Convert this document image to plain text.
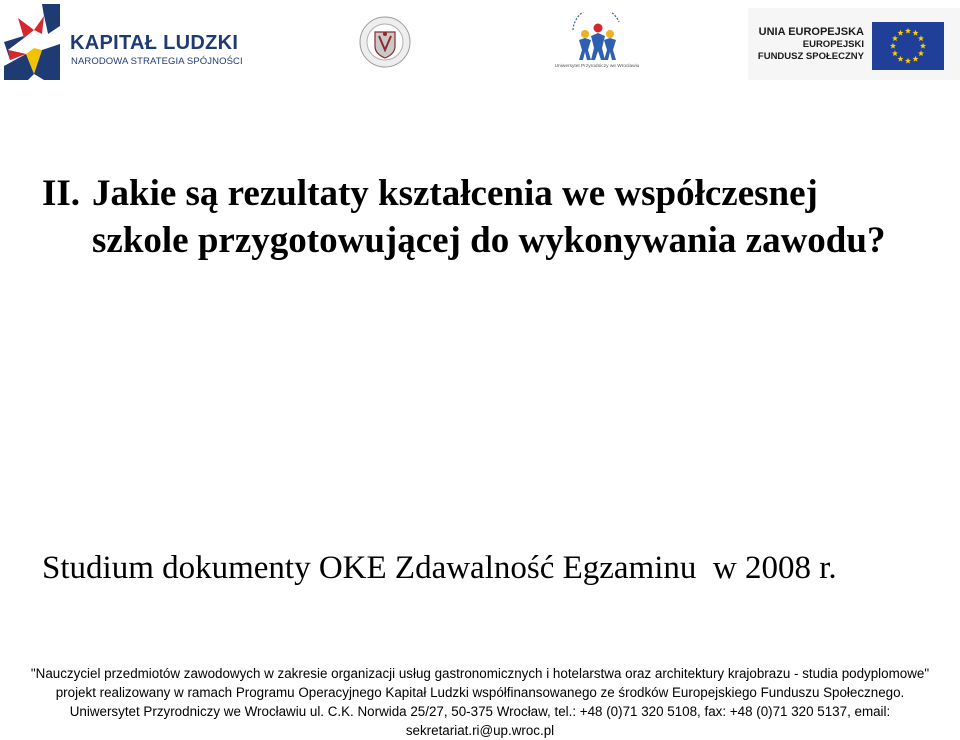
KAPITAŁ LUDZKI
NARODOWA STRATEGIA SPÓJNOŚCI	Uniwersytet Przyrodniczy we Wrocławiu
UNIA EUROPEJSKA
EUROPEJSKI
FUNDUSZ SPOŁECZNY
II. Jakie są rezultaty kształcenia we współczesnej
szkole przygotowującej do wykonywania zawodu?
Studium dokumenty OKE Zdawalność Egzaminu  w 2008 r.
"Nauczyciel przedmiotów zawodowych w zakresie organizacji usług gastronomicznych i hotelarstwa oraz architektury krajobrazu - studia podyplomowe"
projekt realizowany w ramach Programu Operacyjnego Kapitał Ludzki współfinansowanego ze środków Europejskiego Funduszu Społecznego.
Uniwersytet Przyrodniczy we Wrocławiu ul. C.K. Norwida 25/27, 50-375 Wrocław, tel.: +48 (0)71 320 5108, fax: +48 (0)71 320 5137, email:
sekretariat.ri@up.wroc.pl
